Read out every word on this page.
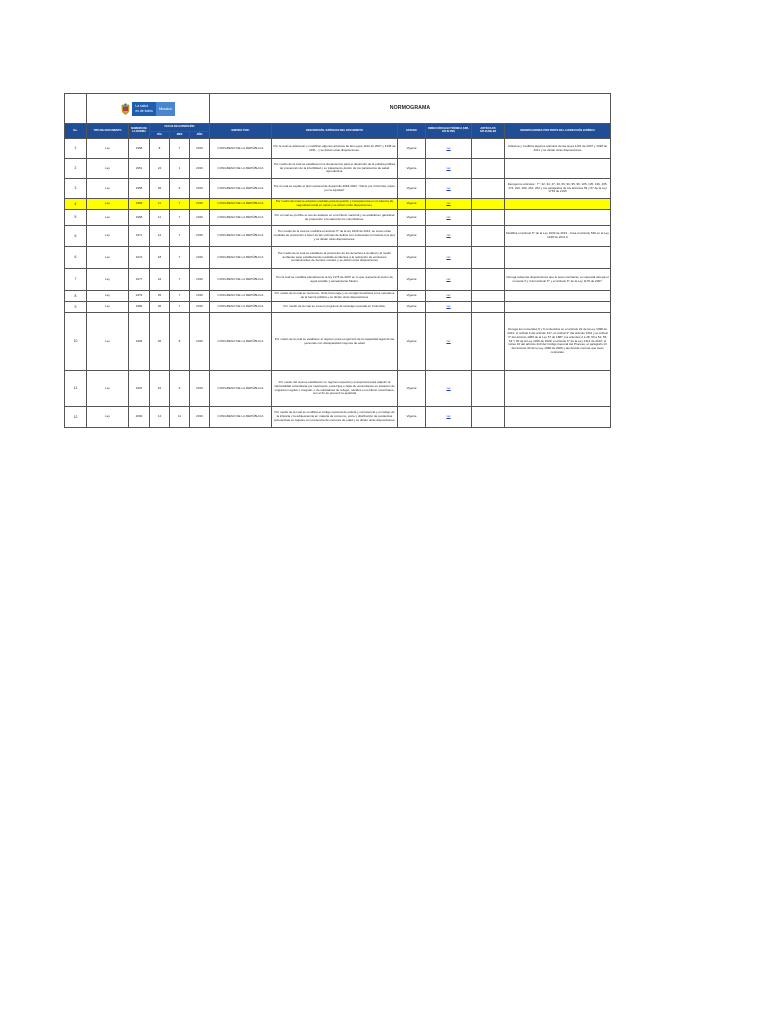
	La salud
es de todos Minsalud					NORMOGRAMA					
No.	TIPO DE DOCUMENTO	NUMERO DE LA NORMA	FECHA DE EXPEDICIÓN			EMITIDO POR:	DESCRIPCIÓN / EPÍGRAFE DEL DOCUMENTO	ESTADO	DIRECCIÓN ELECTRÓNICA (URL EN SI-PM)	ARTÍCULOS APLICABLES	OBSERVACIONES POR PARTE DE LA DIRECCIÓN JURÍDICA
			DÍA	MES	AÑO						
1	Ley	1968	8	7	2019	CONGRESO DE LA REPÚBLICA	Por la cual se adicionan y modifican algunos artículos de las Leyes 1122 de 2007 y 1438 de 2011 , y se dictan otras disposiciones.	Vigente	ver		Adiciona y modifica algunos artículos de las leyes 1122 de 2007 y 1438 de 2011 y se dictan otras disposiciones
2	Ley	1951	24	1	2019	CONGRESO DE LA REPÚBLICA	Por medio de la cual se establecen los lineamientos para el desarrollo de la política pública de prevención de la infertilidad y su tratamiento dentro de los parámetros de salud reproductiva.	Vigente	ver		
3	Ley	1955	25	5	2019	CONGRESO DE LA REPÚBLICA	Por el cual se expide el plan nacional de desarrollo 2018-2022. "Pacto por Colombia, pacto por la equidad"	Vigente	ver		Deroga los artículos : 7°, 32, 34, 47, 49, 66, 90, 95, 96, 105, 135, 136, 165, 176, 222, 259, 261, 264 y los parágrafos de los artículos 59 y 67 de la Ley 1753 de 2015
4	Ley	1966	11	7	2019	CONGRESO DE LA REPÚBLICA	Por medio del cual se adoptan medidas para la gestión y transparencia en el sistema de seguridad social en salud y se dictan otras disposiciones.	Vigente	ver		
5	Ley	1968	11	7	2019	CONGRESO DE LA REPÚBLICA	Por el cual se prohíbe el uso de asbesto en el territorio nacional y se establecen garantías de protección a la salud de los colombianos.	Vigente	ver		
6	Ley	1971	12	7	2019	CONGRESO DE LA REPÚBLICA	Por medio de la cual se modifica el artículo 5° de la ley 1639 de 2013, se crean otras medidas de protección a favor de las víctimas de delitos con sustancias corrosivas a la piel; y se dictan otras disposiciones.	Vigente	ver		Modifica el artículo 5° de la Ley 1639 de 2013 - Crea el artículo 536 en la Ley 1438 de 2011 A
6	Ley	1972	18	7	2019	CONGRESO DE LA REPÚBLICA	Por medio de la cual se establece la protección de los derechos a la salud y al medio ambiente sano estableciendo medidas tendientes a la reducción de emisiones contaminantes de fuentes móviles y se dictan otras disposiciones	Vigente	ver		
7	Ley	1977	24	7	2019	CONGRESO DE LA REPÚBLICA	Por la cual se modifica parcialmente la ley 1176 de 2007 en lo que respecta al sector de agua potable y saneamiento básico.	Vigente	ver		Deroga todas las disposiciones que le sean contrarias, en especial deroga el numeral 3 y 4 del artículo 5° y el artículo 6° de la Ley 1176 de 2007.
8	Ley	1979	25	7	2019	CONGRESO DE LA REPÚBLICA	Por medio de la cual se reconoce, rinde homenaje y se otorgan beneficios a los veteranos de la fuerza pública y se dictan otras disposiciones	Vigente	ver		
9	Ley	1980	26	7	2019	CONGRESO DE LA REPÚBLICA	Por medio de la cual se crea el programa de tamizaje neonatal en Colombia.	Vigente	ver		
10	Ley	1996	26	8	2019	CONGRESO DE LA REPÚBLICA	Por medio de la cual se establece el régimen para el ejercicio de la capacidad legal de las personas con discapacidad mayores de edad	Vigente	ver		Deroga los numerales 5 y 6 contenidos en el artículo 22 de la Ley 1098 de 2013; el ordinal 3 del artículo 127, el ordinal 2° del artículo 1061 y el ordinal 3° del artículo 1068 de la Ley 57 de 1887; los artículos 2 a 48, 50 a 52, 55, 64 Y 90 de la Ley 1306 de 2009; el artículo 6° de la Ley 1412 de 2010; el inciso 10 del artículo 210 del Código General del Proceso; el parágrafo 13 del artículo 30 de la Ley 1098 de 2006 y las demás normas que sean contrarias.
11	Ley	1997	16	9	2019	CONGRESO DE LA REPÚBLICA	Por medio del cual se establecen un régimen especial y excepcional para adquirir la nacionalidad colombiana por nacimiento, para hijos e hijas de venezolanos en situación de migración regular o irregular, o de solicitantes de refugio, nacidos en territorio colombiano, con el fin de prevenir la apatridia	Vigente	ver		
12	Ley	2000	14	11	2019	CONGRESO DE LA REPÚBLICA	Por medio de la cual se modifica el código nacional de policía y convivencia y el código de la infancia y la adolescencia en materia de consumo, porte y distribución de sustancias psicoactivas en lugares con presencia de menores de edad y se dictan otras disposiciones.	Vigente	ver		
